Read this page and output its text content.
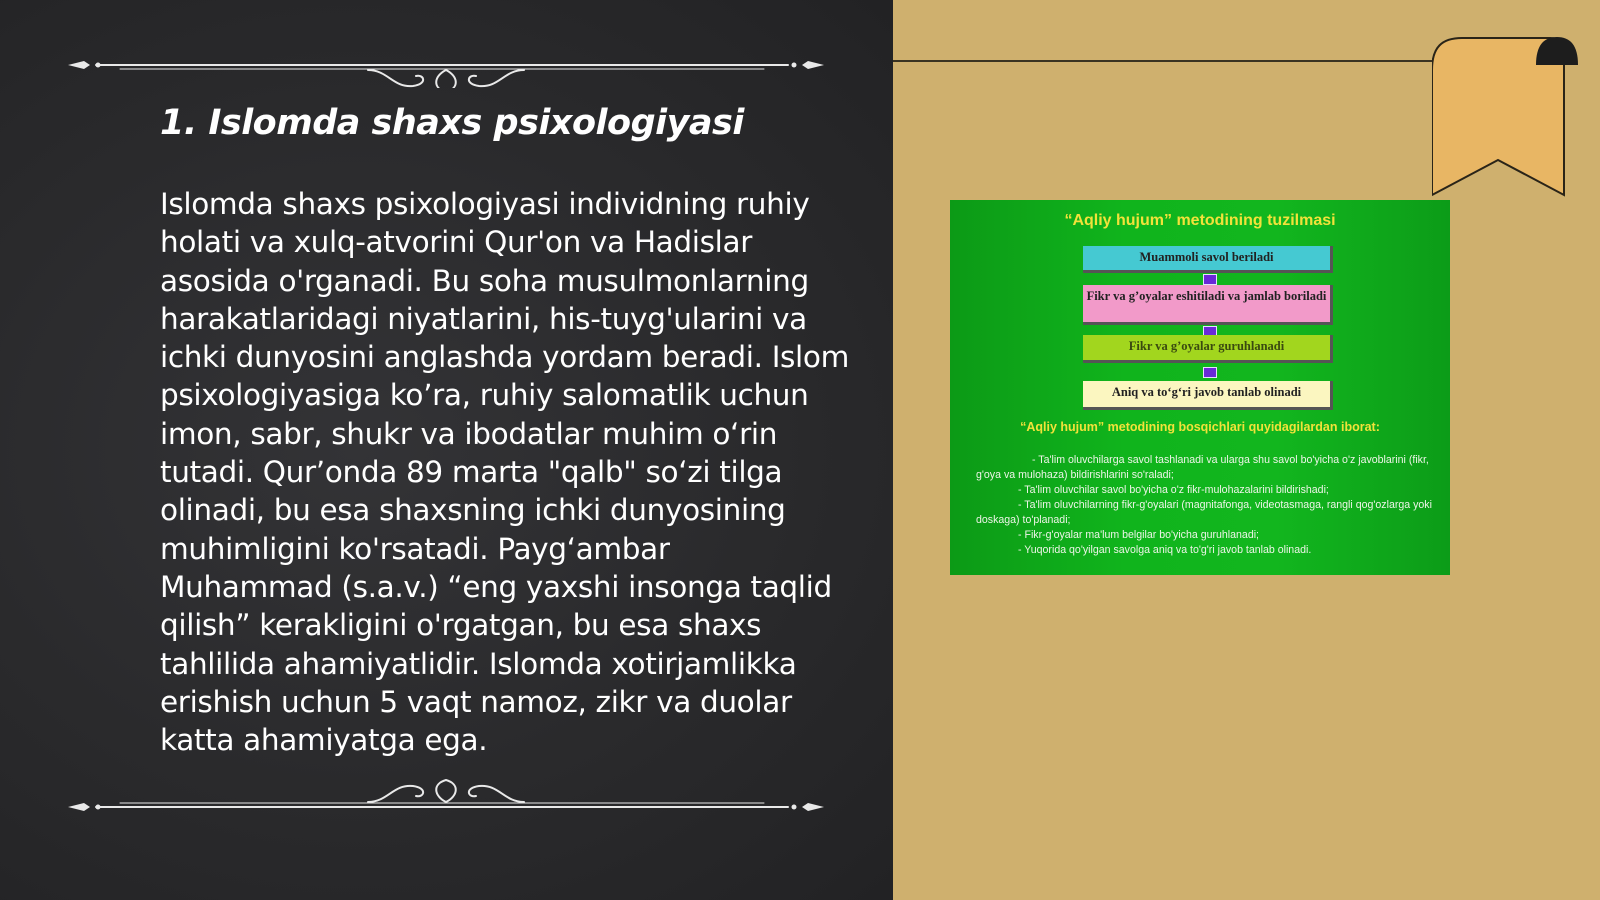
1. Islomda shaxs psixologiyasi

Islomda shaxs psixologiyasi individning ruhiy holati va xulq-atvorini Qur'on va Hadislar asosida o'rganadi. Bu soha musulmonlarning harakatlaridagi niyatlarini, his-tuyg'ularini va ichki dunyosini anglashda yordam beradi. Islom psixologiyasiga ko’ra, ruhiy salomatlik uchun imon, sabr, shukr va ibodatlar muhim o‘rin tutadi. Qur’onda 89 marta "qalb" so‘zi tilga olinadi, bu esa shaxsning ichki dunyosining muhimligini ko'rsatadi. Payg‘ambar Muhammad (s.a.v.) “eng yaxshi insonga taqlid qilish” kerakligini o'rgatgan, bu esa shaxs tahlilida ahamiyatlidir. Islomda xotirjamlikka erishish uchun 5 vaqt namoz, zikr va duolar katta ahamiyatga ega.

“Aqliy hujum” metodining tuzilmasi
Muammoli savol beriladi
Fikr va g’oyalar eshitiladi va jamlab boriladi
Fikr va g’oyalar guruhlanadi
Aniq va to‘g‘ri javob tanlab olinadi
“Aqliy hujum” metodining bosqichlari quyidagilardan iborat:
- Ta'lim oluvchilarga savol tashlanadi va ularga shu savol bo'yicha o'z javoblarini (fikr, g'oya va mulohaza) bildirishlarini so'raladi;
- Ta'lim oluvchilar savol bo'yicha o'z fikr-mulohazalarini bildirishadi;
- Ta'lim oluvchilarning fikr-g'oyalari (magnitafonga, videotasmaga, rangli qog'ozlarga yoki doskaga) to'planadi;
- Fikr-g'oyalar ma'lum belgilar bo'yicha guruhlanadi;
- Yuqorida qo'yilgan savolga aniq va to'g'ri javob tanlab olinadi.
